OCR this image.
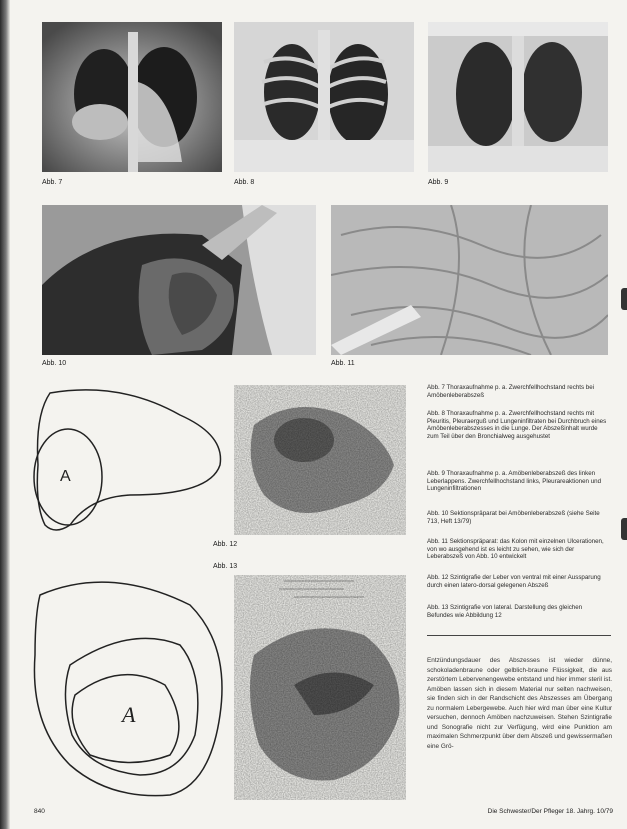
Abb. 7	Abb. 8	Abb. 9
Abb. 10	Abb. 11
A
Abb. 12
Abb. 13
A
Abb. 7 Thoraxaufnahme p. a. Zwerchfellhochstand rechts bei Amöbenleberabszeß
Abb. 8 Thoraxaufnahme p. a. Zwerchfellhochstand rechts mit Pleuritis, Pleuraerguß und Lungeninfiltraten bei Durchbruch eines Amöbenleberabszesses in die Lunge. Der Abszeßinhalt wurde zum Teil über den Bronchialweg ausgehustet
Abb. 9 Thoraxaufnahme p. a. Amöbenleberabszeß des linken Leberlappens. Zwerchfellhochstand links, Pleurareaktionen und Lungeninfiltrationen
Abb. 10 Sektionspräparat bei Amöbenleberabszeß (siehe Seite 713, Heft 13/79)
Abb. 11 Sektionspräparat: das Kolon mit einzelnen Ulcerationen, von wo ausgehend ist es leicht zu sehen, wie sich der Leberabszeß von Abb. 10 entwickelt
Abb. 12 Szintigrafie der Leber von ventral mit einer Aussparung durch einen latero-dorsal gelegenen Abszeß
Abb. 13 Szintigrafie von lateral. Darstellung des gleichen Befundes wie Abbildung 12
Entzündungsdauer des Abszesses ist wieder dünne, schokoladenbraune oder gelblich-braune Flüssigkeit, die aus zerstörtem Lebervenengewebe entstand und hier immer steril ist. Amöben lassen sich in diesem Material nur selten nachweisen, sie finden sich in der Randschicht des Abszesses am Übergang zu normalem Lebergewebe. Auch hier wird man über eine Kultur versuchen, dennoch Amöben nachzuweisen. Stehen Szintigrafie und Sonografie nicht zur Verfügung, wird eine Punktion am maximalen Schmerzpunkt über dem Abszeß und gewissermaßen eine Grö-
840	Die Schwester/Der Pfleger 18. Jahrg. 10/79
